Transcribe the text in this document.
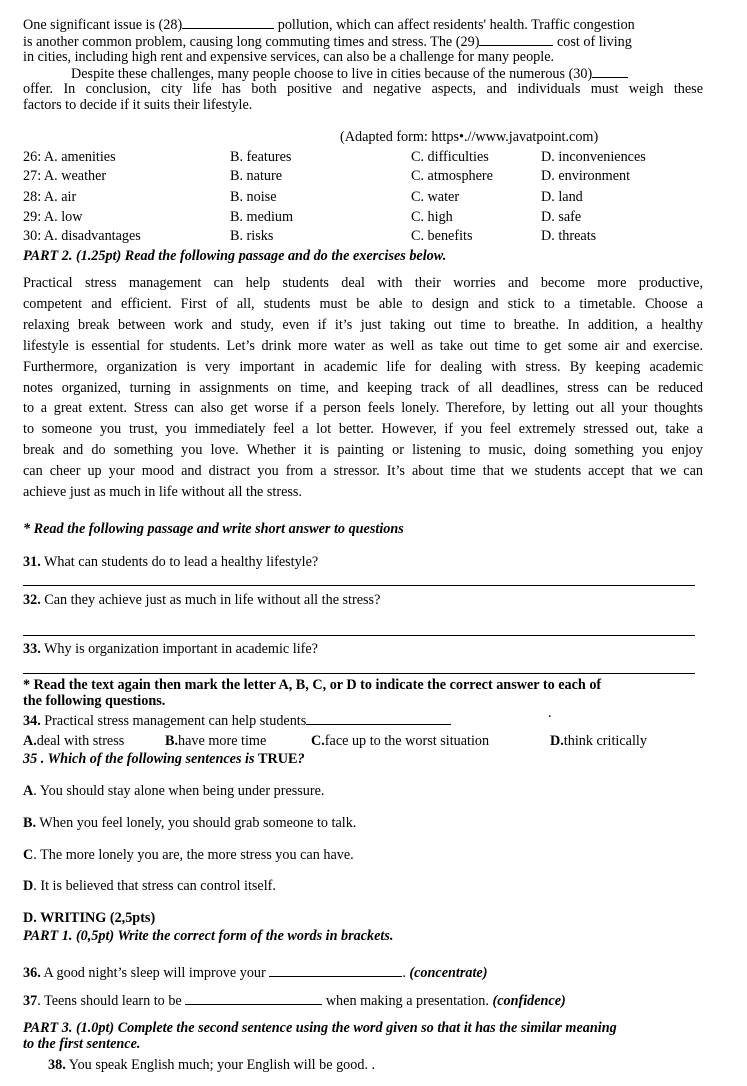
One significant issue is (28)	pollution, which can affect residents' health. Traffic congestion

is another common problem, causing long commuting times and stress. The (29)	cost of living

in cities, including high rent and expensive services, can also be a challenge for many people.

Despite these challenges, many people choose to live in cities because of the numerous (30)

offer. In conclusion, city life has both positive and negative aspects, and individuals must weigh these

factors to decide if it suits their lifestyle.

(Adapted form: https•.//www.javatpoint.com)
26: A. amenities	B. features	C. difficulties	D. inconveniences
27: A. weather	B. nature	C. atmosphere	D. environment
28: A. air	B. noise	C. water	D. land
29: A. low	B. medium	C. high	D. safe
30: A. disadvantages	B. risks	C. benefits	D. threats
PART 2. (1.25pt) Read the following passage and do the exercises below.

Practical stress management can help students deal with their worries and become more productive,

competent and efficient. First of all, students must be able to design and stick to a timetable. Choose a

relaxing break between work and study, even if it’s just taking out time to breathe. In addition, a healthy

lifestyle is essential for students. Let’s drink more water as well as take out time to get some air and exercise.

Furthermore, organization is very important in academic life for dealing with stress. By keeping academic

notes organized, turning in assignments on time, and keeping track of all deadlines, stress can be reduced

to a great extent. Stress can also get worse if a person feels lonely. Therefore, by letting out all your thoughts

to someone you trust, you immediately feel a lot better. However, if you feel extremely stressed out, take a

break and do something you love. Whether it is painting or listening to music, doing something you enjoy

can cheer up your mood and distract you from a stressor. It’s about time that we students accept that we can

achieve just as much in life without all the stress.

* Read the following passage and write short answer to questions
31. What can students do to lead a healthy lifestyle?
32. Can they achieve just as much in life without all the stress?
33. Why is organization important in academic life?
* Read the text again then mark the letter A, B, C, or D to indicate the correct answer to each of
the following questions.
34. Practical stress management can help students	.
A. deal with stress	B. have more time	C. face up to the worst situation	D. think critically
35 . Which of the following sentences is TRUE?
A. You should stay alone when being under pressure.
B. When you feel lonely, you should grab someone to talk.
C. The more lonely you are, the more stress you can have.
D. It is believed that stress can control itself.
D. WRITING (2,5pts)
PART 1. (0,5pt) Write the correct form of the words in brackets.
36. A good night’s sleep will improve your	. (concentrate)
37. Teens should learn to be	when making a presentation. (confidence)
PART 3. (1.0pt) Complete the second sentence using the word given so that it has the similar meaning
to the first sentence.
38. You speak English much; your English will be good. .
